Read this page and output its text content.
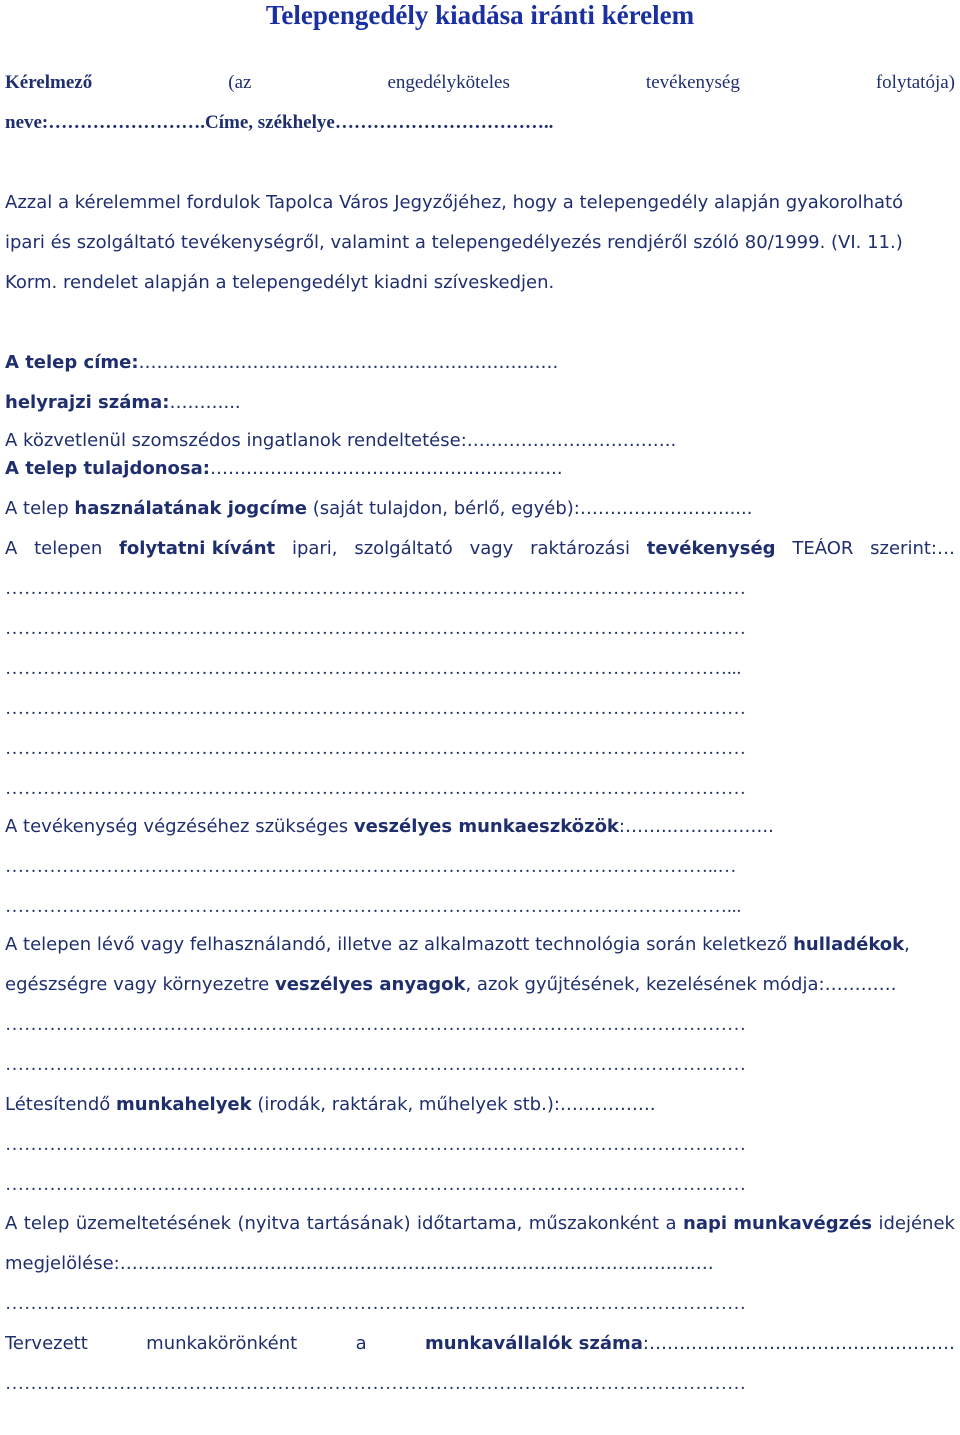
Telepengedély kiadása iránti kérelem
Kérelmező	(az	engedélyköteles	tevékenység	folytatója)
neve:…………………….Címe, székhelye……………………………..
Azzal a kérelemmel fordulok Tapolca Város Jegyzőjéhez, hogy a telepengedély alapján gyakorolható
ipari és szolgáltató tevékenységről, valamint a telepengedélyezés rendjéről szóló 80/1999. (VI. 11.)
Korm. rendelet alapján a telepengedélyt kiadni szíveskedjen.
A telep címe:…………………………………………………………….
helyrajzi száma:………...
A közvetlenül szomszédos ingatlanok rendeltetése:……………………………..
A telep tulajdonosa:…………………………………………..……...
A telep használatának jogcíme (saját tulajdon, bérlő, egyéb):…………………….....
A telepen folytatni kívánt ipari, szolgáltató vagy raktározási tevékenység TEÁOR szerint:…
………………………………………………………………………………………………………
………………………………………………………………………………………………………
……………………………………………………………………………………………………...
………………………………………………………………………………………………………
………………………………………………………………………………………………………
………………………………………………………………………………………………………
A tevékenység végzéséhez szükséges veszélyes munkaeszközök:……..……………..
…………………………………………………………………………………………………..…
……………………………………………………………………………………………………...
A telepen lévő vagy felhasználandó, illetve az alkalmazott technológia során keletkező hulladékok,
egészségre vagy környezetre veszélyes anyagok, azok gyűjtésének, kezelésének módja:…………
………………………………………………………………………………………………………
………………………………………………………………………………………………………
Létesítendő munkahelyek (irodák, raktárak, műhelyek stb.):…………….
………………………………………………………………………………………………………
………………………………………………………………………………………………………
A telep üzemeltetésének (nyitva tartásának) időtartama, műszakonként a napi munkavégzés idejének
megjelölése:………………………………………………………………………………………
………………………………………………………………………………………………………
Tervezett	munkakörönként	a	munkavállalók száma:……………………………………………
………………………………………………………………………………………………………
